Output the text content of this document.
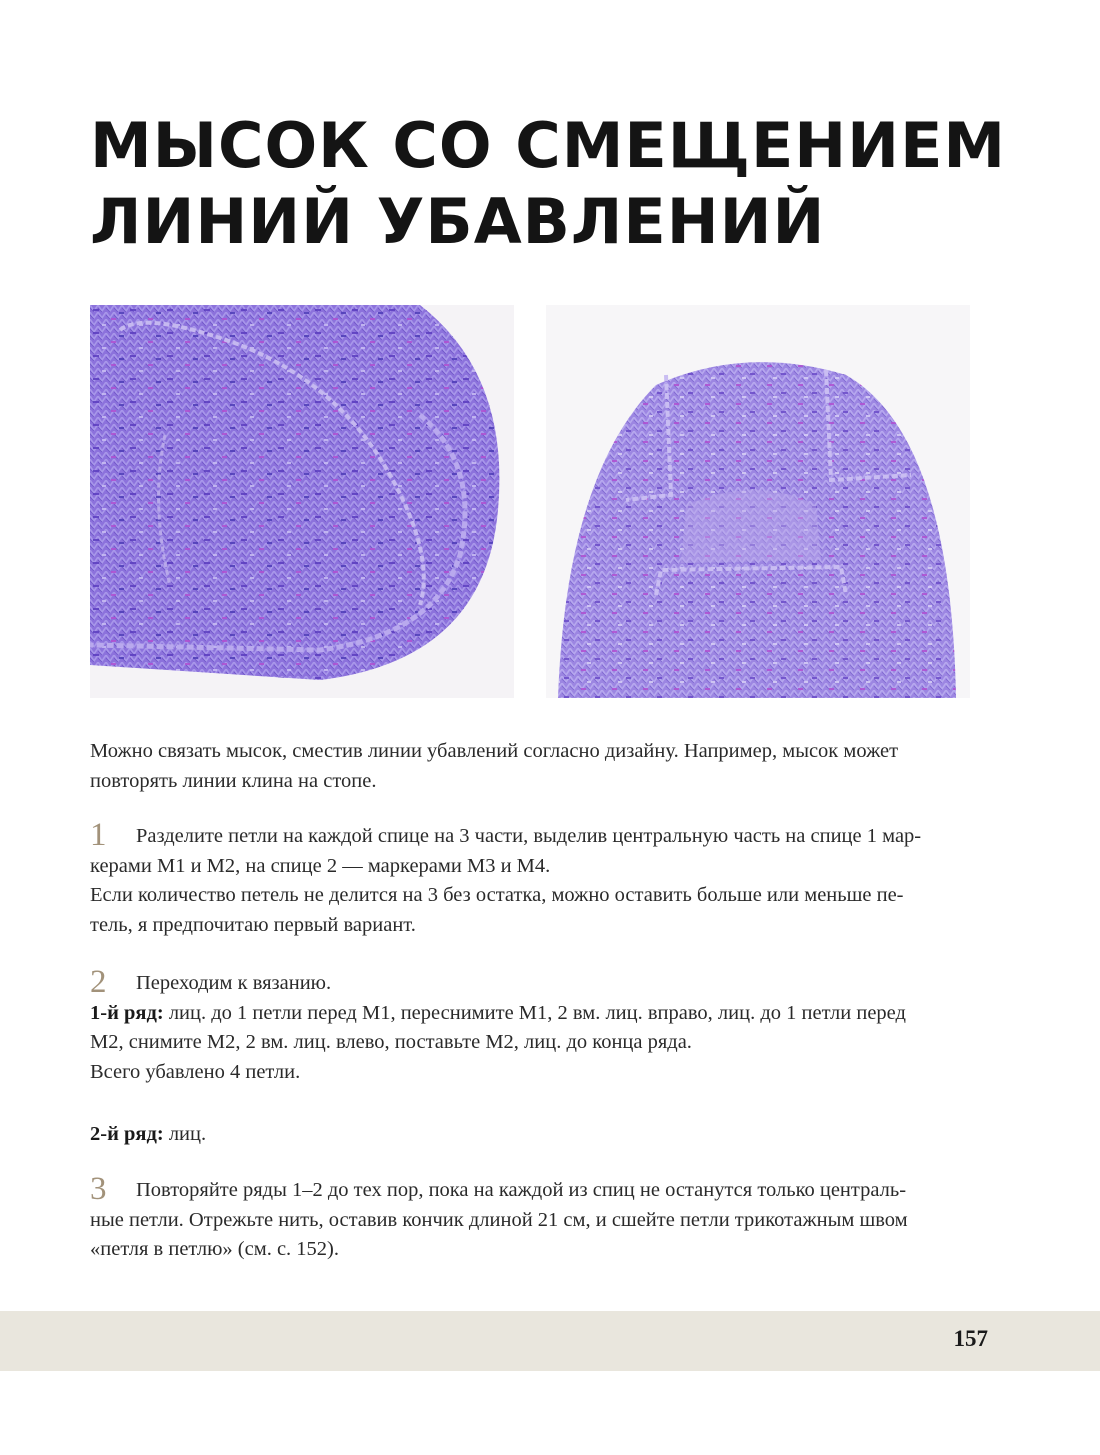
МЫСОК СО СМЕЩЕНИЕМ
ЛИНИЙ УБАВЛЕНИЙ

Можно связать мысок, сместив линии убавлений согласно дизайну. Например, мысок может

повторять линии клина на стопе.

1 Разделите петли на каждой спице на 3 части, выделив центральную часть на спице 1 мар-

керами М1 и М2, на спице 2 — маркерами М3 и М4.

Если количество петель не делится на 3 без остатка, можно оставить больше или меньше пе-

тель, я предпочитаю первый вариант.

2 Переходим к вязанию.

1-й ряд: лиц. до 1 петли перед М1, переснимите М1, 2 вм. лиц. вправо, лиц. до 1 петли перед

М2, снимите М2, 2 вм. лиц. влево, поставьте М2, лиц. до конца ряда.

Всего убавлено 4 петли.

2-й ряд: лиц.

3 Повторяйте ряды 1–2 до тех пор, пока на каждой из спиц не останутся только централь-

ные петли. Отрежьте нить, оставив кончик длиной 21 см, и сшейте петли трикотажным швом

«петля в петлю» (см. с. 152).

157
